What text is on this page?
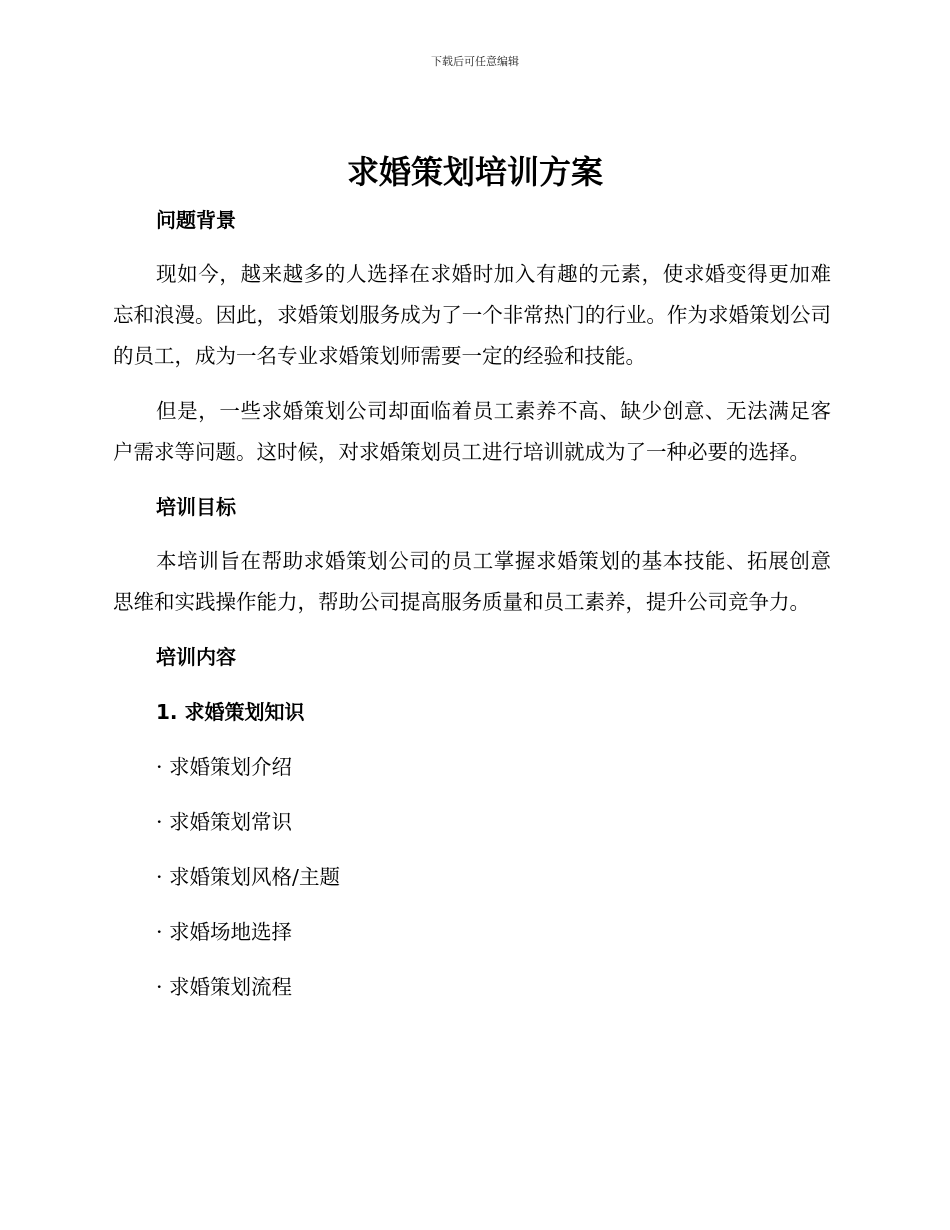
下载后可任意编辑
求婚策划培训方案
问题背景

现如今，越来越多的人选择在求婚时加入有趣的元素，使求婚变得更加难忘和浪漫。因此，求婚策划服务成为了一个非常热门的行业。作为求婚策划公司的员工，成为一名专业求婚策划师需要一定的经验和技能。

但是，一些求婚策划公司却面临着员工素养不高、缺少创意、无法满足客户需求等问题。这时候，对求婚策划员工进行培训就成为了一种必要的选择。

培训目标

本培训旨在帮助求婚策划公司的员工掌握求婚策划的基本技能、拓展创意思维和实践操作能力，帮助公司提高服务质量和员工素养，提升公司竞争力。

培训内容
1. 求婚策划知识

· 求婚策划介绍

· 求婚策划常识

· 求婚策划风格/主题

· 求婚场地选择

· 求婚策划流程
